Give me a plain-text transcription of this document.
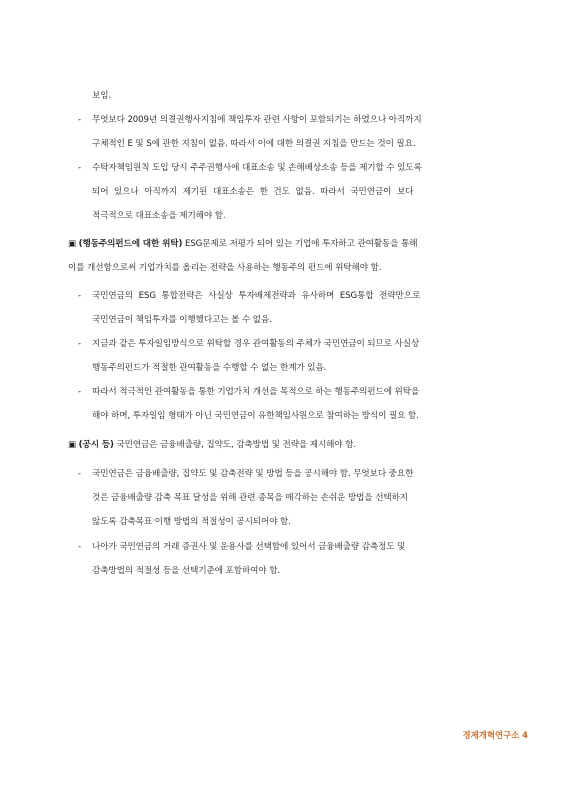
보임.
- 무엇보다 2009년 의결권행사지침에 책임투자 관련 사항이 포함되기는 하였으나 아직까지
구체적인 E 및 S에 관한 지침이 없음. 따라서 이에 대한 의결권 지침을 만드는 것이 필요.
- 수탁자책임원칙 도입 당시 주주권행사에 대표소송 및 손해배상소송 등을 제기할 수 있도록
되어 있으나 아직까지 제기된 대표소송은 한 건도 없음. 따라서 국민연금이 보다
적극적으로 대표소송을 제기해야 함.
▣ (행동주의펀드에 대한 위탁) ESG문제로 저평가 되어 있는 기업에 투자하고 관여활동을 통해
이를 개선함으로써 기업가치를 올리는 전략을 사용하는 행동주의 펀드에 위탁해야 함.
- 국민연금의 ESG 통합전략은 사실상 투자배제전략과 유사하며 ESG통합 전략만으로
국민연금이 책임투자를 이행했다고는 볼 수 없음.
- 지금과 같은 투자일임방식으로 위탁할 경우 관여활동의 주체가 국민연금이 되므로 사실상
행동주의펀드가 적절한 관여활동을 수행할 수 없는 한계가 있음.
- 따라서 적극적인 관여활동을 통한 기업가치 개선을 목적으로 하는 행동주의펀드에 위탁을
해야 하며, 투자일임 형태가 아닌 국민연금이 유한책임사원으로 참여하는 방식이 필요 함.
▣ (공시 등) 국민연금은 금융배출량, 집약도, 감축방법 및 전략을 제시해야 함.
- 국민연금은 금융배출량, 집약도 및 감축전략 및 방법 등을 공시해야 함. 무엇보다 중요한
것은 금융배출량 감축 목표 달성을 위해 관련 종목을 매각하는 손쉬운 방법을 선택하지
않도록 감축목표 이행 방법의 적절성이 공시되어야 함.
- 나아가 국민연금의 거래 증권사 및 운용사를 선택함에 있어서 금융배출량 감축정도 및
감축방법의 적절성 등을 선택기준에 포함하여야 함.
경제개혁연구소 4
